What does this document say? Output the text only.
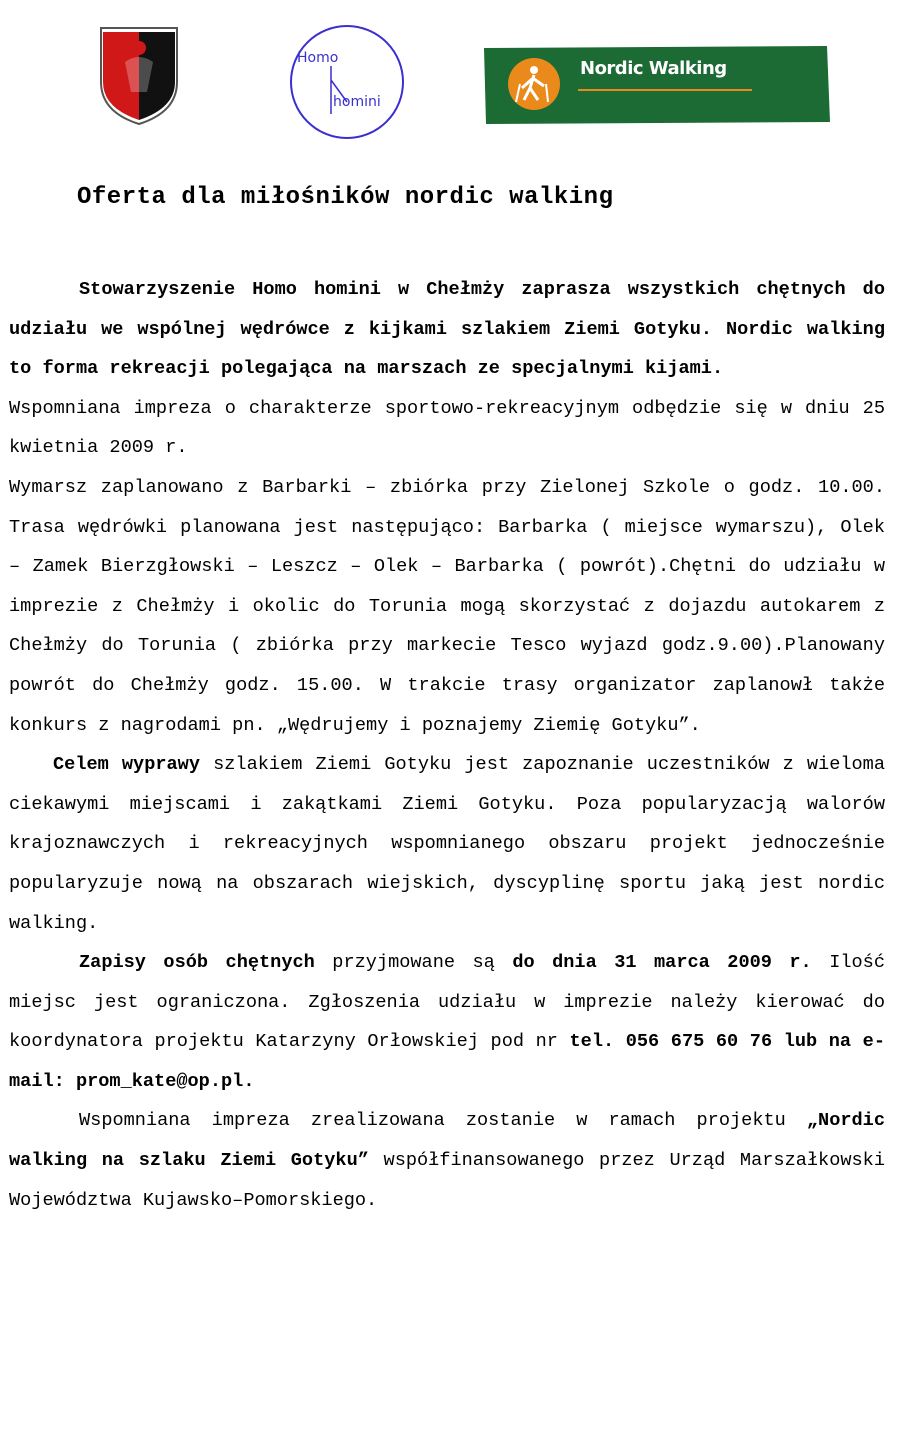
Homo
homini
Nordic Walking
Oferta dla miłośników nordic walking

Stowarzyszenie Homo homini w Chełmży zaprasza wszystkich chętnych do udziału we wspólnej wędrówce z kijkami szlakiem Ziemi Gotyku. Nordic walking to forma rekreacji polegająca na marszach ze specjalnymi kijami.

Wspomniana impreza o charakterze sportowo-rekreacyjnym odbędzie się w dniu 25 kwietnia 2009 r.

Wymarsz zaplanowano z Barbarki – zbiórka przy Zielonej Szkole o godz. 10.00. Trasa wędrówki planowana jest następująco: Barbarka ( miejsce wymarszu), Olek – Zamek Bierzgłowski – Leszcz – Olek – Barbarka ( powrót).Chętni do udziału w imprezie z Chełmży i okolic do Torunia mogą skorzystać z dojazdu autokarem z Chełmży do Torunia ( zbiórka przy markecie Tesco wyjazd godz.9.00).Planowany powrót do Chełmży godz. 15.00. W trakcie trasy organizator zaplanowł także konkurs z nagrodami pn. „Wędrujemy i poznajemy Ziemię Gotyku”.

Celem wyprawy szlakiem Ziemi Gotyku jest zapoznanie uczestników z wieloma ciekawymi miejscami i zakątkami Ziemi Gotyku. Poza popularyzacją walorów krajoznawczych i rekreacyjnych wspomnianego obszaru projekt jednocześnie popularyzuje nową na obszarach wiejskich, dyscyplinę sportu jaką jest nordic walking.

Zapisy osób chętnych przyjmowane są do dnia 31 marca 2009 r. Ilość miejsc jest ograniczona. Zgłoszenia udziału w imprezie należy kierować do koordynatora projektu Katarzyny Orłowskiej pod nr tel. 056 675 60 76 lub na e-mail: prom_kate@op.pl.

Wspomniana impreza zrealizowana zostanie w ramach projektu „Nordic walking na szlaku Ziemi Gotyku” współfinansowanego przez Urząd Marszałkowski Województwa Kujawsko–Pomorskiego.
